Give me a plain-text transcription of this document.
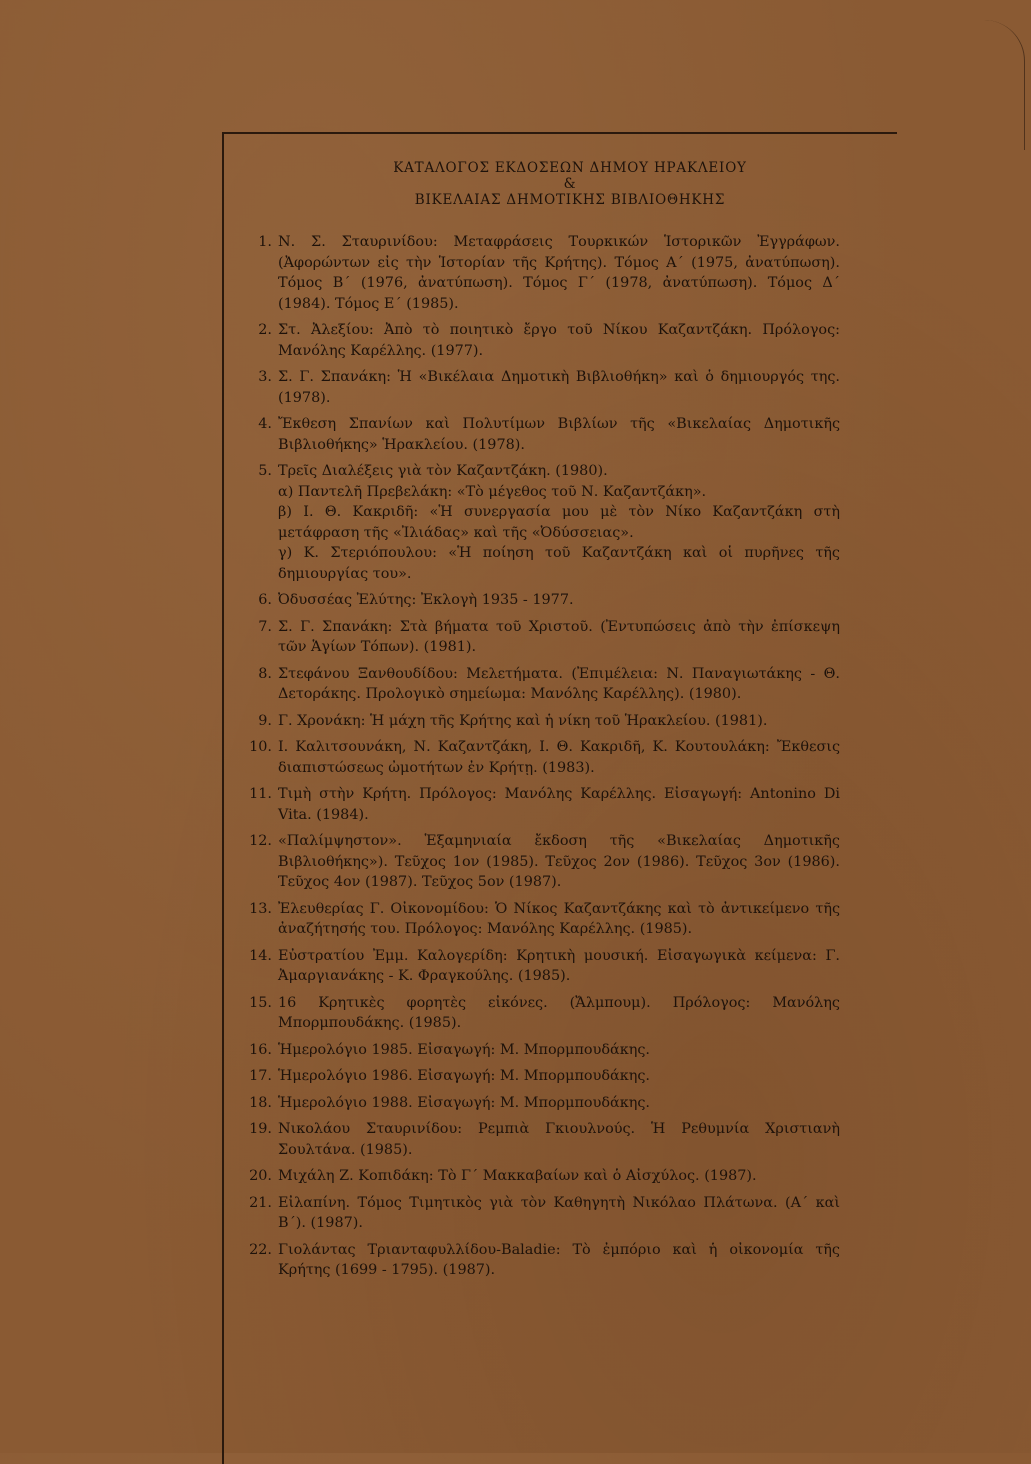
ΚΑΤΑΛΟΓΟΣ ΕΚΔΟΣΕΩΝ ΔΗΜΟΥ ΗΡΑΚΛΕΙΟΥ
&
ΒΙΚΕΛΑΙΑΣ ΔΗΜΟΤΙΚΗΣ ΒΙΒΛΙΟΘΗΚΗΣ
1. Ν. Σ. Σταυρινίδου: Μεταφράσεις Τουρκικών Ἱστορικῶν Ἐγγράφων. (Ἀφορώντων εἰς τὴν Ἱστορίαν τῆς Κρήτης). Τόμος Α΄ (1975, ἀνατύπωση). Τόμος Β΄ (1976, ἀνατύπωση). Τόμος Γ΄ (1978, ἀνατύπωση). Τόμος Δ΄ (1984). Τόμος Ε΄ (1985).
2. Στ. Ἀλεξίου: Ἀπὸ τὸ ποιητικὸ ἔργο τοῦ Νίκου Καζαντζάκη. Πρόλογος: Μανόλης Καρέλλης. (1977).
3. Σ. Γ. Σπανάκη: Ἡ «Βικέλαια Δημοτικὴ Βιβλιοθήκη» καὶ ὁ δημιουργός της. (1978).
4. Ἔκθεση Σπανίων καὶ Πολυτίμων Βιβλίων τῆς «Βικελαίας Δημοτικῆς Βιβλιοθήκης» Ἡρακλείου. (1978).
5. Τρεῖς Διαλέξεις γιὰ τὸν Καζαντζάκη. (1980).
α) Παντελῆ Πρεβελάκη: «Τὸ μέγεθος τοῦ Ν. Καζαντζάκη».
β) Ι. Θ. Κακριδῆ: «Ἡ συνεργασία μου μὲ τὸν Νίκο Καζαντζάκη στὴ μετάφραση τῆς «Ἰλιάδας» καὶ τῆς «Ὀδύσσειας».
γ) Κ. Στεριόπουλου: «Ἡ ποίηση τοῦ Καζαντζάκη καὶ οἱ πυρῆνες τῆς δημιουργίας του».
6. Ὀδυσσέας Ἐλύτης: Ἐκλογὴ 1935 - 1977.
7. Σ. Γ. Σπανάκη: Στὰ βήματα τοῦ Χριστοῦ. (Ἐντυπώσεις ἀπὸ τὴν ἐπίσκεψη τῶν Ἁγίων Τόπων). (1981).
8. Στεφάνου Ξανθουδίδου: Μελετήματα. (Ἐπιμέλεια: Ν. Παναγιωτάκης - Θ. Δετοράκης. Προλογικὸ σημείωμα: Μανόλης Καρέλλης). (1980).
9. Γ. Χρονάκη: Ἡ μάχη τῆς Κρήτης καὶ ἡ νίκη τοῦ Ἡρακλείου. (1981).
10. Ι. Καλιτσουνάκη, Ν. Καζαντζάκη, Ι. Θ. Κακριδῆ, Κ. Κουτουλάκη: Ἔκθεσις διαπιστώσεως ὠμοτήτων ἐν Κρήτῃ. (1983).
11. Τιμὴ στὴν Κρήτη. Πρόλογος: Μανόλης Καρέλλης. Εἰσαγωγή: Antonino Di Vita. (1984).
12. «Παλίμψηστον». Ἑξαμηνιαία ἔκδοση τῆς «Βικελαίας Δημοτικῆς Βιβλιοθήκης»). Τεῦχος 1ον (1985). Τεῦχος 2ον (1986). Τεῦχος 3ον (1986). Τεῦχος 4ον (1987). Τεῦχος 5ον (1987).
13. Ἐλευθερίας Γ. Οἰκονομίδου: Ὁ Νίκος Καζαντζάκης καὶ τὸ ἀντικείμενο τῆς ἀναζήτησής του. Πρόλογος: Μανόλης Καρέλλης. (1985).
14. Εὐστρατίου Ἐμμ. Καλογερίδη: Κρητικὴ μουσική. Εἰσαγωγικὰ κείμενα: Γ. Ἀμαργιανάκης - Κ. Φραγκούλης. (1985).
15. 16 Κρητικὲς φορητὲς εἰκόνες. (Ἄλμπουμ). Πρόλογος: Μανόλης Μπορμπουδάκης. (1985).
16. Ἡμερολόγιο 1985. Εἰσαγωγή: Μ. Μπορμπουδάκης.
17. Ἡμερολόγιο 1986. Εἰσαγωγή: Μ. Μπορμπουδάκης.
18. Ἡμερολόγιο 1988. Εἰσαγωγή: Μ. Μπορμπουδάκης.
19. Νικολάου Σταυρινίδου: Ρεμπιὰ Γκιουλνούς. Ἡ Ρεθυμνία Χριστιανὴ Σουλτάνα. (1985).
20. Μιχάλη Ζ. Κοπιδάκη: Τὸ Γ΄ Μακκαβαίων καὶ ὁ Αἰσχύλος. (1987).
21. Εἰλαπίνη. Τόμος Τιμητικὸς γιὰ τὸν Καθηγητὴ Νικόλαο Πλάτωνα. (Α΄ καὶ Β΄). (1987).
22. Γιολάντας Τριανταφυλλίδου-Baladie: Τὸ ἐμπόριο καὶ ἡ οἰκονομία τῆς Κρήτης (1699 - 1795). (1987).
